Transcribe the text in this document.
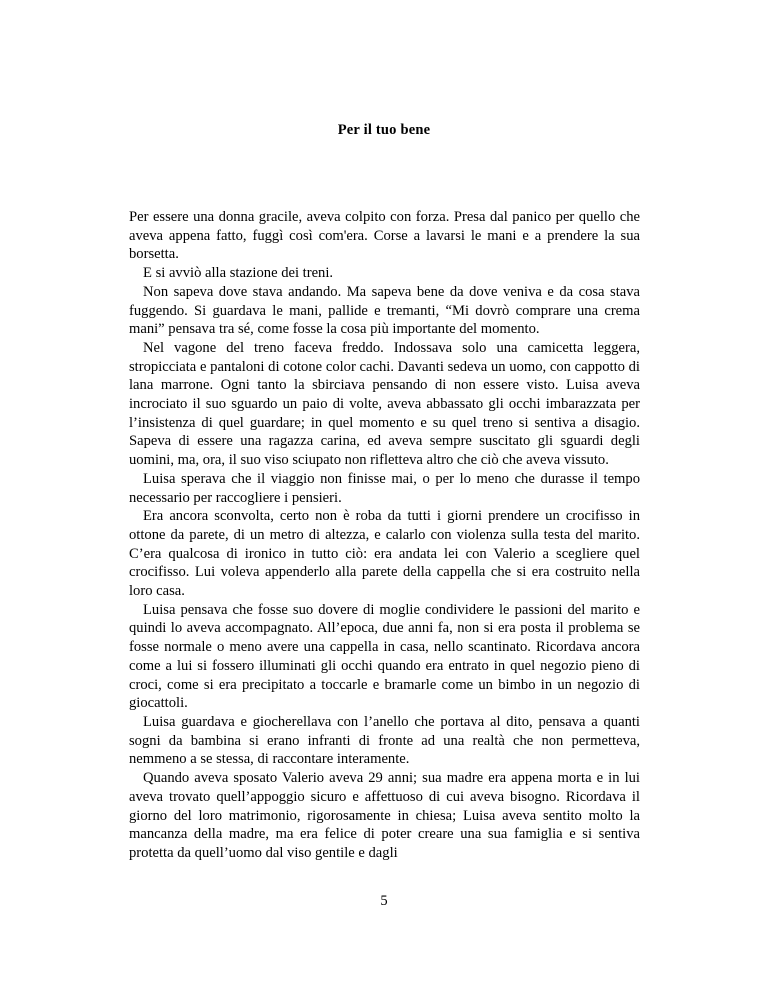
Per il tuo bene

Per essere una donna gracile, aveva colpito con forza. Presa dal panico per quello che aveva appena fatto, fuggì così com'era. Corse a lavarsi le mani e a prendere la sua borsetta.

E si avviò alla stazione dei treni.

Non sapeva dove stava andando. Ma sapeva bene da dove veniva e da cosa stava fuggendo. Si guardava le mani, pallide e tremanti, “Mi dovrò comprare una crema mani” pensava tra sé, come fosse la cosa più importante del momento.

Nel vagone del treno faceva freddo. Indossava solo una camicetta leggera, stropicciata e pantaloni di cotone color cachi. Davanti sedeva un uomo, con cappotto di lana marrone. Ogni tanto la sbirciava pensando di non essere visto. Luisa aveva incrociato il suo sguardo un paio di volte, aveva abbassato gli occhi imbarazzata per l’insistenza di quel guardare; in quel momento e su quel treno si sentiva a disagio. Sapeva di essere una ragazza carina, ed aveva sempre suscitato gli sguardi degli uomini, ma, ora, il suo viso sciupato non rifletteva altro che ciò che aveva vissuto.

Luisa sperava che il viaggio non finisse mai, o per lo meno che durasse il tempo necessario per raccogliere i pensieri.

Era ancora sconvolta, certo non è roba da tutti i giorni prendere un crocifisso in ottone da parete, di un metro di altezza, e calarlo con violenza sulla testa del marito. C’era qualcosa di ironico in tutto ciò: era andata lei con Valerio a scegliere quel crocifisso. Lui voleva appenderlo alla parete della cappella che si era costruito nella loro casa.

Luisa pensava che fosse suo dovere di moglie condividere le passioni del marito e quindi lo aveva accompagnato. All’epoca, due anni fa, non si era posta il problema se fosse normale o meno avere una cappella in casa, nello scantinato. Ricordava ancora come a lui si fossero illuminati gli occhi quando era entrato in quel negozio pieno di croci, come si era precipitato a toccarle e bramarle come un bimbo in un negozio di giocattoli.

Luisa guardava e giocherellava con l’anello che portava al dito, pensava a quanti sogni da bambina si erano infranti di fronte ad una realtà che non permetteva, nemmeno a se stessa, di raccontare interamente.

Quando aveva sposato Valerio aveva 29 anni; sua madre era appena morta e in lui aveva trovato quell’appoggio sicuro e affettuoso di cui aveva bisogno. Ricordava il giorno del loro matrimonio, rigorosamente in chiesa; Luisa aveva sentito molto la mancanza della madre, ma era felice di poter creare una sua famiglia e si sentiva protetta da quell’uomo dal viso gentile e dagli

5
